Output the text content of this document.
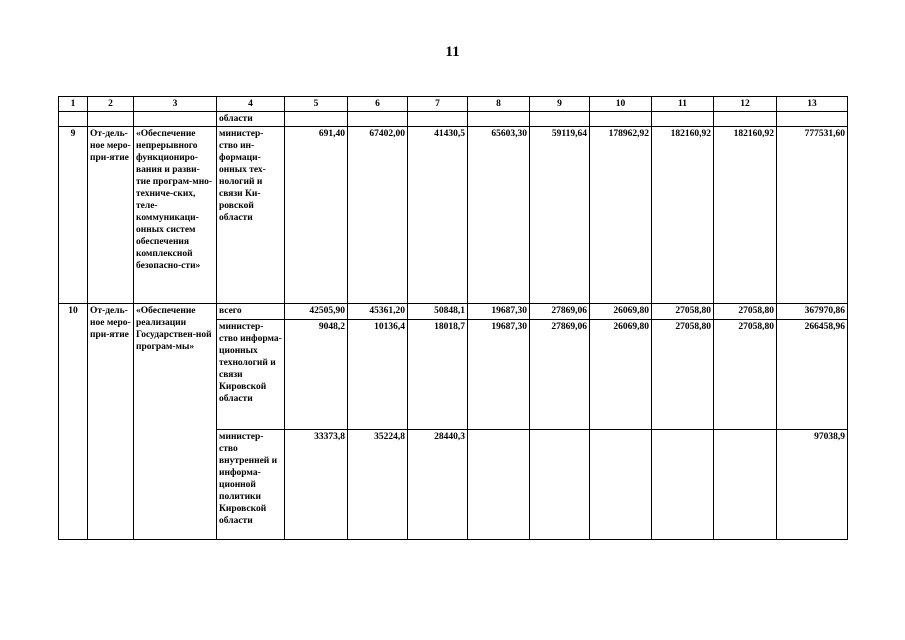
11
1	2	3	4	5	6	7	8	9	10	11	12	13
			области									
9	От-дель-ное меро-при-ятие	«Обеспечение непрерывного функциониро-вания и разви-тие програм-мно-техниче-ских, теле-коммуникаци-онных систем обеспечения комплексной безопасно-сти»	министер-ство ин-формаци-онных тех-нологий и связи Ки-ровской области	691,40	67402,00	41430,5	65603,30	59119,64	178962,92	182160,92	182160,92	777531,60
10	От-дель-ное меро-при-ятие	«Обеспечение реализации Государствен-ной програм-мы»	всего	42505,90	45361,20	50848,1	19687,30	27869,06	26069,80	27058,80	27058,80	367970,86
			министер-ство информа-ционных технологий и связи Кировской области	9048,2	10136,4	18018,7	19687,30	27869,06	26069,80	27058,80	27058,80	266458,96
			министер-ство внутренней и информа-ционной политики Кировской области	33373,8	35224,8	28440,3						97038,9
